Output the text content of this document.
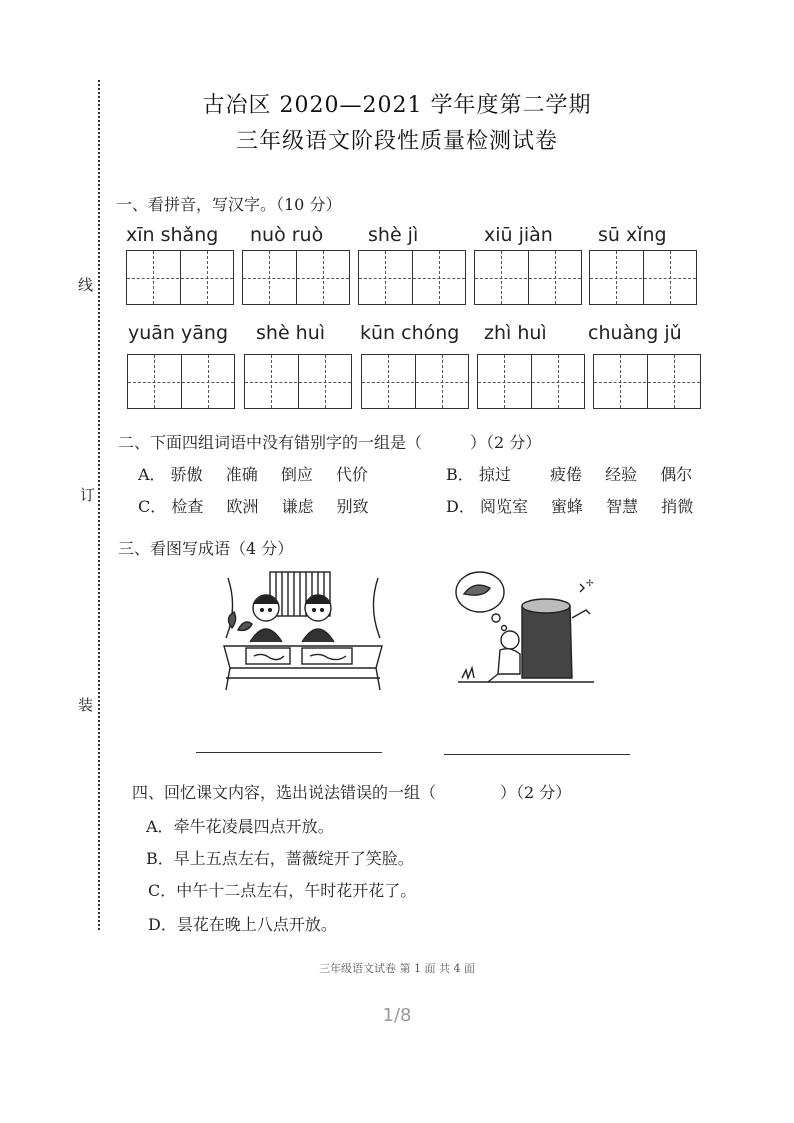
线
订
装
古冶区 2020—2021 学年度第二学期
三年级语文阶段性质量检测试卷
一、看拼音，写汉字。（10 分）
xīn shǎng nuò ruò shè jì	xiū jiàn sū xǐng
yuān yāng shè huì kūn chóng zhì huì chuàng jǔ
二、下面四组词语中没有错别字的一组是（　　　）（2 分）
A． 骄傲 准确 倒应 代价	B． 掠过 疲倦 经验 偶尔
C． 检查 欧洲 谦虑 别致	D． 阅览室 蜜蜂 智慧 捎微
三、看图写成语（4 分）
✢
四、回忆课文内容，选出说法错误的一组（　　　　）（2 分）
A．牵牛花凌晨四点开放。
B．早上五点左右，蔷薇绽开了笑脸。
C．中午十二点左右，午时花开花了。
D．昙花在晚上八点开放。
三年级语文试卷 第 1 面 共 4 面
1/8
